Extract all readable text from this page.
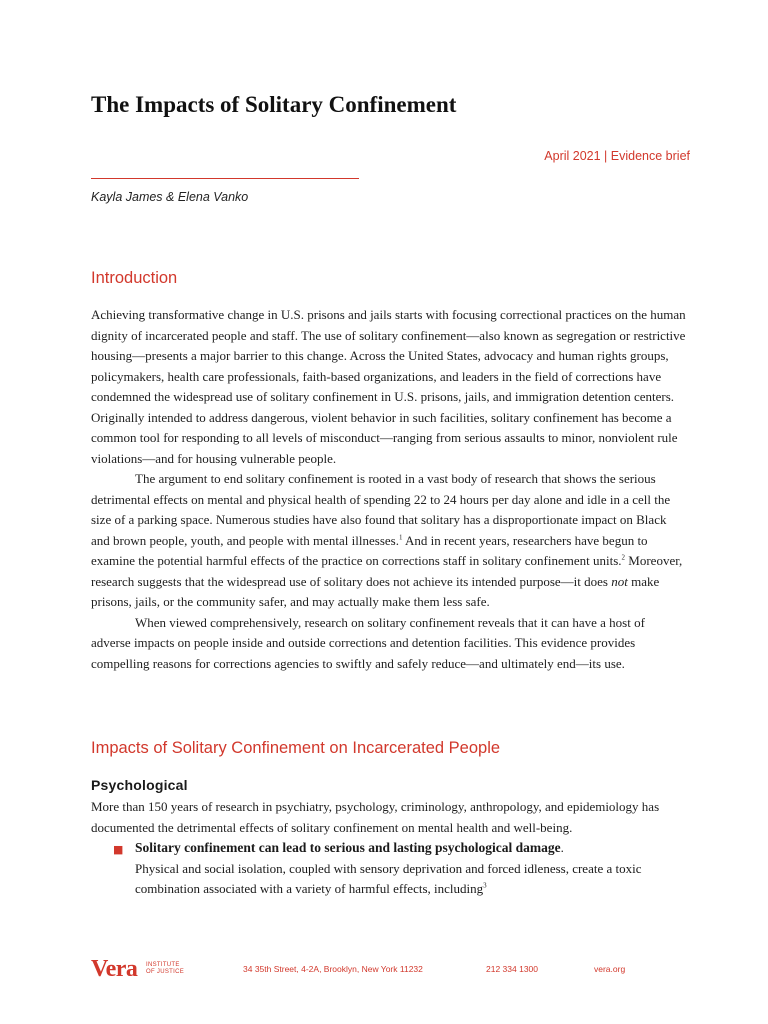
The Impacts of Solitary Confinement
April 2021 | Evidence brief
Kayla James & Elena Vanko
Introduction

Achieving transformative change in U.S. prisons and jails starts with focusing correctional practices on the human dignity of incarcerated people and staff. The use of solitary confinement—also known as segregation or restrictive housing—presents a major barrier to this change. Across the United States, advocacy and human rights groups, policymakers, health care professionals, faith-based organizations, and leaders in the field of corrections have condemned the widespread use of solitary confinement in U.S. prisons, jails, and immigration detention centers. Originally intended to address dangerous, violent behavior in such facilities, solitary confinement has become a common tool for responding to all levels of misconduct—ranging from serious assaults to minor, nonviolent rule violations—and for housing vulnerable people.

The argument to end solitary confinement is rooted in a vast body of research that shows the serious detrimental effects on mental and physical health of spending 22 to 24 hours per day alone and idle in a cell the size of a parking space. Numerous studies have also found that solitary has a disproportionate impact on Black and brown people, youth, and people with mental illnesses.$^1$ And in recent years, researchers have begun to examine the potential harmful effects of the practice on corrections staff in solitary confinement units.$^2$ Moreover, research suggests that the widespread use of solitary does not achieve its intended purpose—it does not make prisons, jails, or the community safer, and may actually make them less safe.

When viewed comprehensively, research on solitary confinement reveals that it can have a host of adverse impacts on people inside and outside corrections and detention facilities. This evidence provides compelling reasons for corrections agencies to swiftly and safely reduce—and ultimately end—its use.

Impacts of Solitary Confinement on Incarcerated People
Psychological

More than 150 years of research in psychiatry, psychology, criminology, anthropology, and epidemiology has documented the detrimental effects of solitary confinement on mental health and well-being.

■ Solitary confinement can lead to serious and lasting psychological damage.
Physical and social isolation, coupled with sensory deprivation and forced idleness, create a toxic combination associated with a variety of harmful effects, including$^3$
Vera INSTITUTE
OF JUSTICE	34 35th Street, 4-2A, Brooklyn, New York 11232	212 334 1300	vera.org
